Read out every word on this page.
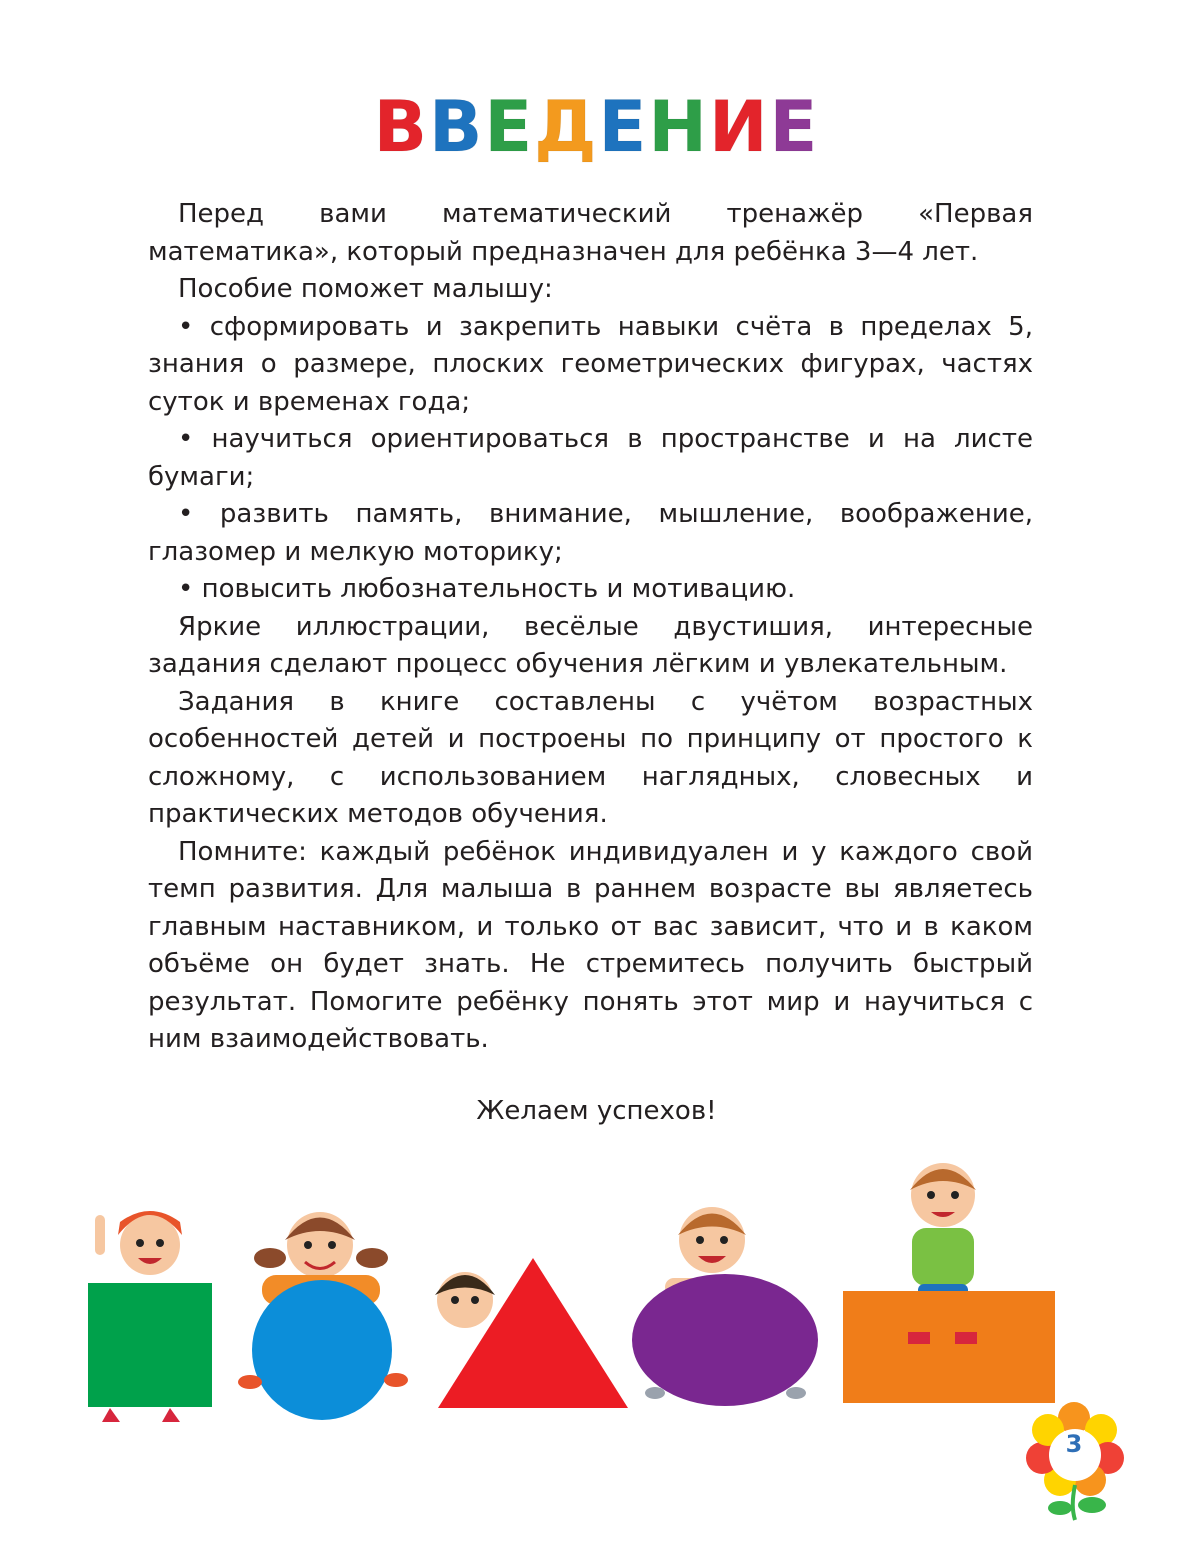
ВВЕДЕНИЕ

Перед вами математический тренажёр «Первая математика», который предназначен для ребёнка 3—4 лет.

Пособие поможет малышу:

• сформировать и закрепить навыки счёта в пределах 5, знания о размере, плоских геометрических фигурах, частях суток и временах года;

• научиться ориентироваться в пространстве и на листе бумаги;

• развить память, внимание, мышление, воображение, глазомер и мелкую моторику;

• повысить любознательность и мотивацию.

Яркие иллюстрации, весёлые двустишия, интересные задания сделают процесс обучения лёгким и увлекательным.

Задания в книге составлены с учётом возрастных особенностей детей и построены по принципу от простого к сложному, с использованием наглядных, словесных и практических методов обучения.

Помните: каждый ребёнок индивидуален и у каждого свой темп развития. Для малыша в раннем возрасте вы являетесь главным наставником, и только от вас зависит, что и в каком объёме он будет знать. Не стремитесь получить быстрый результат. Помогите ребёнку понять этот мир и научиться с ним взаимодействовать.

Желаем успехов!
3
